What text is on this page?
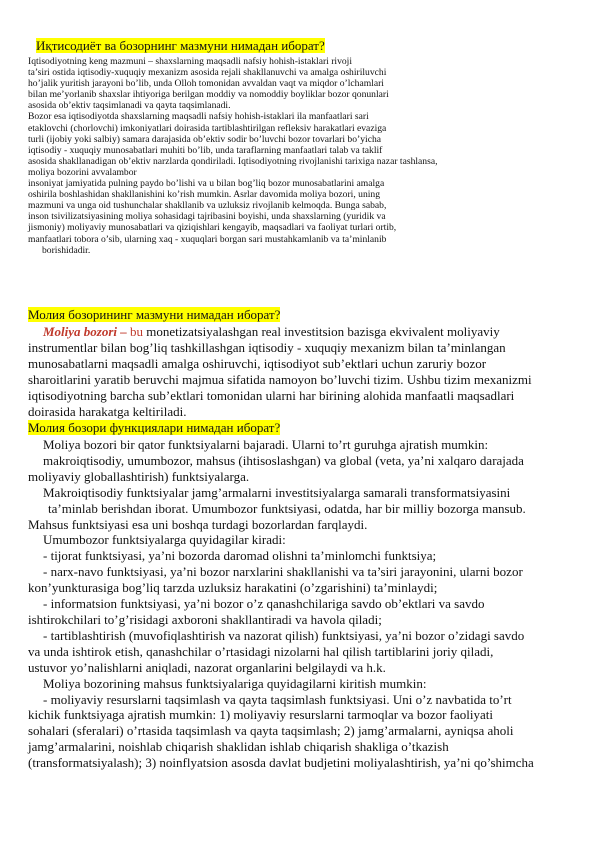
Иқтисодиёт ва бозорнинг мазмуни нимадан иборат?
Iqtisodiyotning keng mazmuni – shaxslarning maqsadli nafsiy hohish-istaklari rivoji
ta’siri ostida iqtisodiy-xuquqiy mexanizm asosida rejali shakllanuvchi va amalga oshiriluvchi
ho’jalik yuritish jarayoni bo’lib, unda Olloh tomonidan avvaldan vaqt va miqdor o’lchamlari
bilan me’yorlanib shaxslar ihtiyoriga berilgan moddiy va nomoddiy boyliklar bozor qonunlari
asosida ob’ektiv taqsimlanadi va qayta taqsimlanadi.
Bozor esa iqtisodiyotda shaxslarning maqsadli nafsiy hohish-istaklari ila manfaatlari sari
etaklovchi (chorlovchi) imkoniyatlari doirasida tartiblashtirilgan refleksiv harakatlari evaziga
turli (ijobiy yoki salbiy) samara darajasida ob’ektiv sodir bo’luvchi bozor tovarlari bo’yicha
iqtisodiy - xuquqiy munosabatlari muhiti bo’lib, unda taraflarning manfaatlari talab va taklif
asosida shakllanadigan ob’ektiv narzlarda qondiriladi. Iqtisodiyotning rivojlanishi tarixiga nazar tashlansa,
moliya bozorini avvalambor
insoniyat jamiyatida pulning paydo bo’lishi va u bilan bog’liq bozor munosabatlarini amalga
oshirila boshlashidan shakllanishini ko’rish mumkin. Asrlar davomida moliya bozori, uning
mazmuni va unga oid tushunchalar shakllanib va uzluksiz rivojlanib kelmoqda. Bunga sabab,
inson tsivilizatsiyasining moliya sohasidagi tajribasini boyishi, unda shaxslarning (yuridik va
jismoniy) moliyaviy munosabatlari va qiziqishlari kengayib, maqsadlari va faoliyat turlari ortib,
manfaatlari tobora o’sib, ularning xaq - xuquqlari borgan sari mustahkamlanib va ta’minlanib
borishidadir.
Молия бозорининг мазмуни нимадан иборат?
Moliya bozori – bu monetizatsiyalashgan real investitsion bazisga ekvivalent moliyaviy
instrumentlar bilan bog’liq tashkillashgan iqtisodiy - xuquqiy mexanizm bilan ta’minlangan
munosabatlarni maqsadli amalga oshiruvchi, iqtisodiyot sub’ektlari uchun zaruriy bozor
sharoitlarini yaratib beruvchi majmua sifatida namoyon bo’luvchi tizim. Ushbu tizim mexanizmi
iqtisodiyotning barcha sub’ektlari tomonidan ularni har birining alohida manfaatli maqsadlari
doirasida harakatga keltiriladi.
Молия бозори функциялари нимадан иборат?
Moliya bozori bir qator funktsiyalarni bajaradi. Ularni to’rt guruhga ajratish mumkin:
makroiqtisodiy, umumbozor, mahsus (ihtisoslashgan) va global (veta, ya’ni xalqaro darajada
moliyaviy globallashtirish) funktsiyalarga.
Makroiqtisodiy funktsiyalar jamg’armalarni investitsiyalarga samarali transformatsiyasini
ta’minlab berishdan iborat. Umumbozor funktsiyasi, odatda, har bir milliy bozorga mansub.
Mahsus funktsiyasi esa uni boshqa turdagi bozorlardan farqlaydi.
Umumbozor funktsiyalarga quyidagilar kiradi:
- tijorat funktsiyasi, ya’ni bozorda daromad olishni ta’minlomchi funktsiya;
- narx-navo funktsiyasi, ya’ni bozor narxlarini shakllanishi va ta’siri jarayonini, ularni bozor
kon’yunkturasiga bog’liq tarzda uzluksiz harakatini (o’zgarishini) ta’minlaydi;
- informatsion funktsiyasi, ya’ni bozor o’z qanashchilariga savdo ob’ektlari va savdo
ishtirokchilari to’g’risidagi axboroni shakllantiradi va havola qiladi;
- tartiblashtirish (muvofiqlashtirish va nazorat qilish) funktsiyasi, ya’ni bozor o’zidagi savdo
va unda ishtirok etish, qanashchilar o’rtasidagi nizolarni hal qilish tartiblarini joriy qiladi,
ustuvor yo’nalishlarni aniqladi, nazorat organlarini belgilaydi va h.k.
Moliya bozorining mahsus funktsiyalariga quyidagilarni kiritish mumkin:
- moliyaviy resurslarni taqsimlash va qayta taqsimlash funktsiyasi. Uni o’z navbatida to’rt
kichik funktsiyaga ajratish mumkin: 1) moliyaviy resurslarni tarmoqlar va bozor faoliyati
sohalari (sferalari) o’rtasida taqsimlash va qayta taqsimlash; 2) jamg’armalarni, ayniqsa aholi
jamg’armalarini, noishlab chiqarish shaklidan ishlab chiqarish shakliga o’tkazish
(transformatsiyalash); 3) noinflyatsion asosda davlat budjetini moliyalashtirish, ya’ni qo’shimcha
